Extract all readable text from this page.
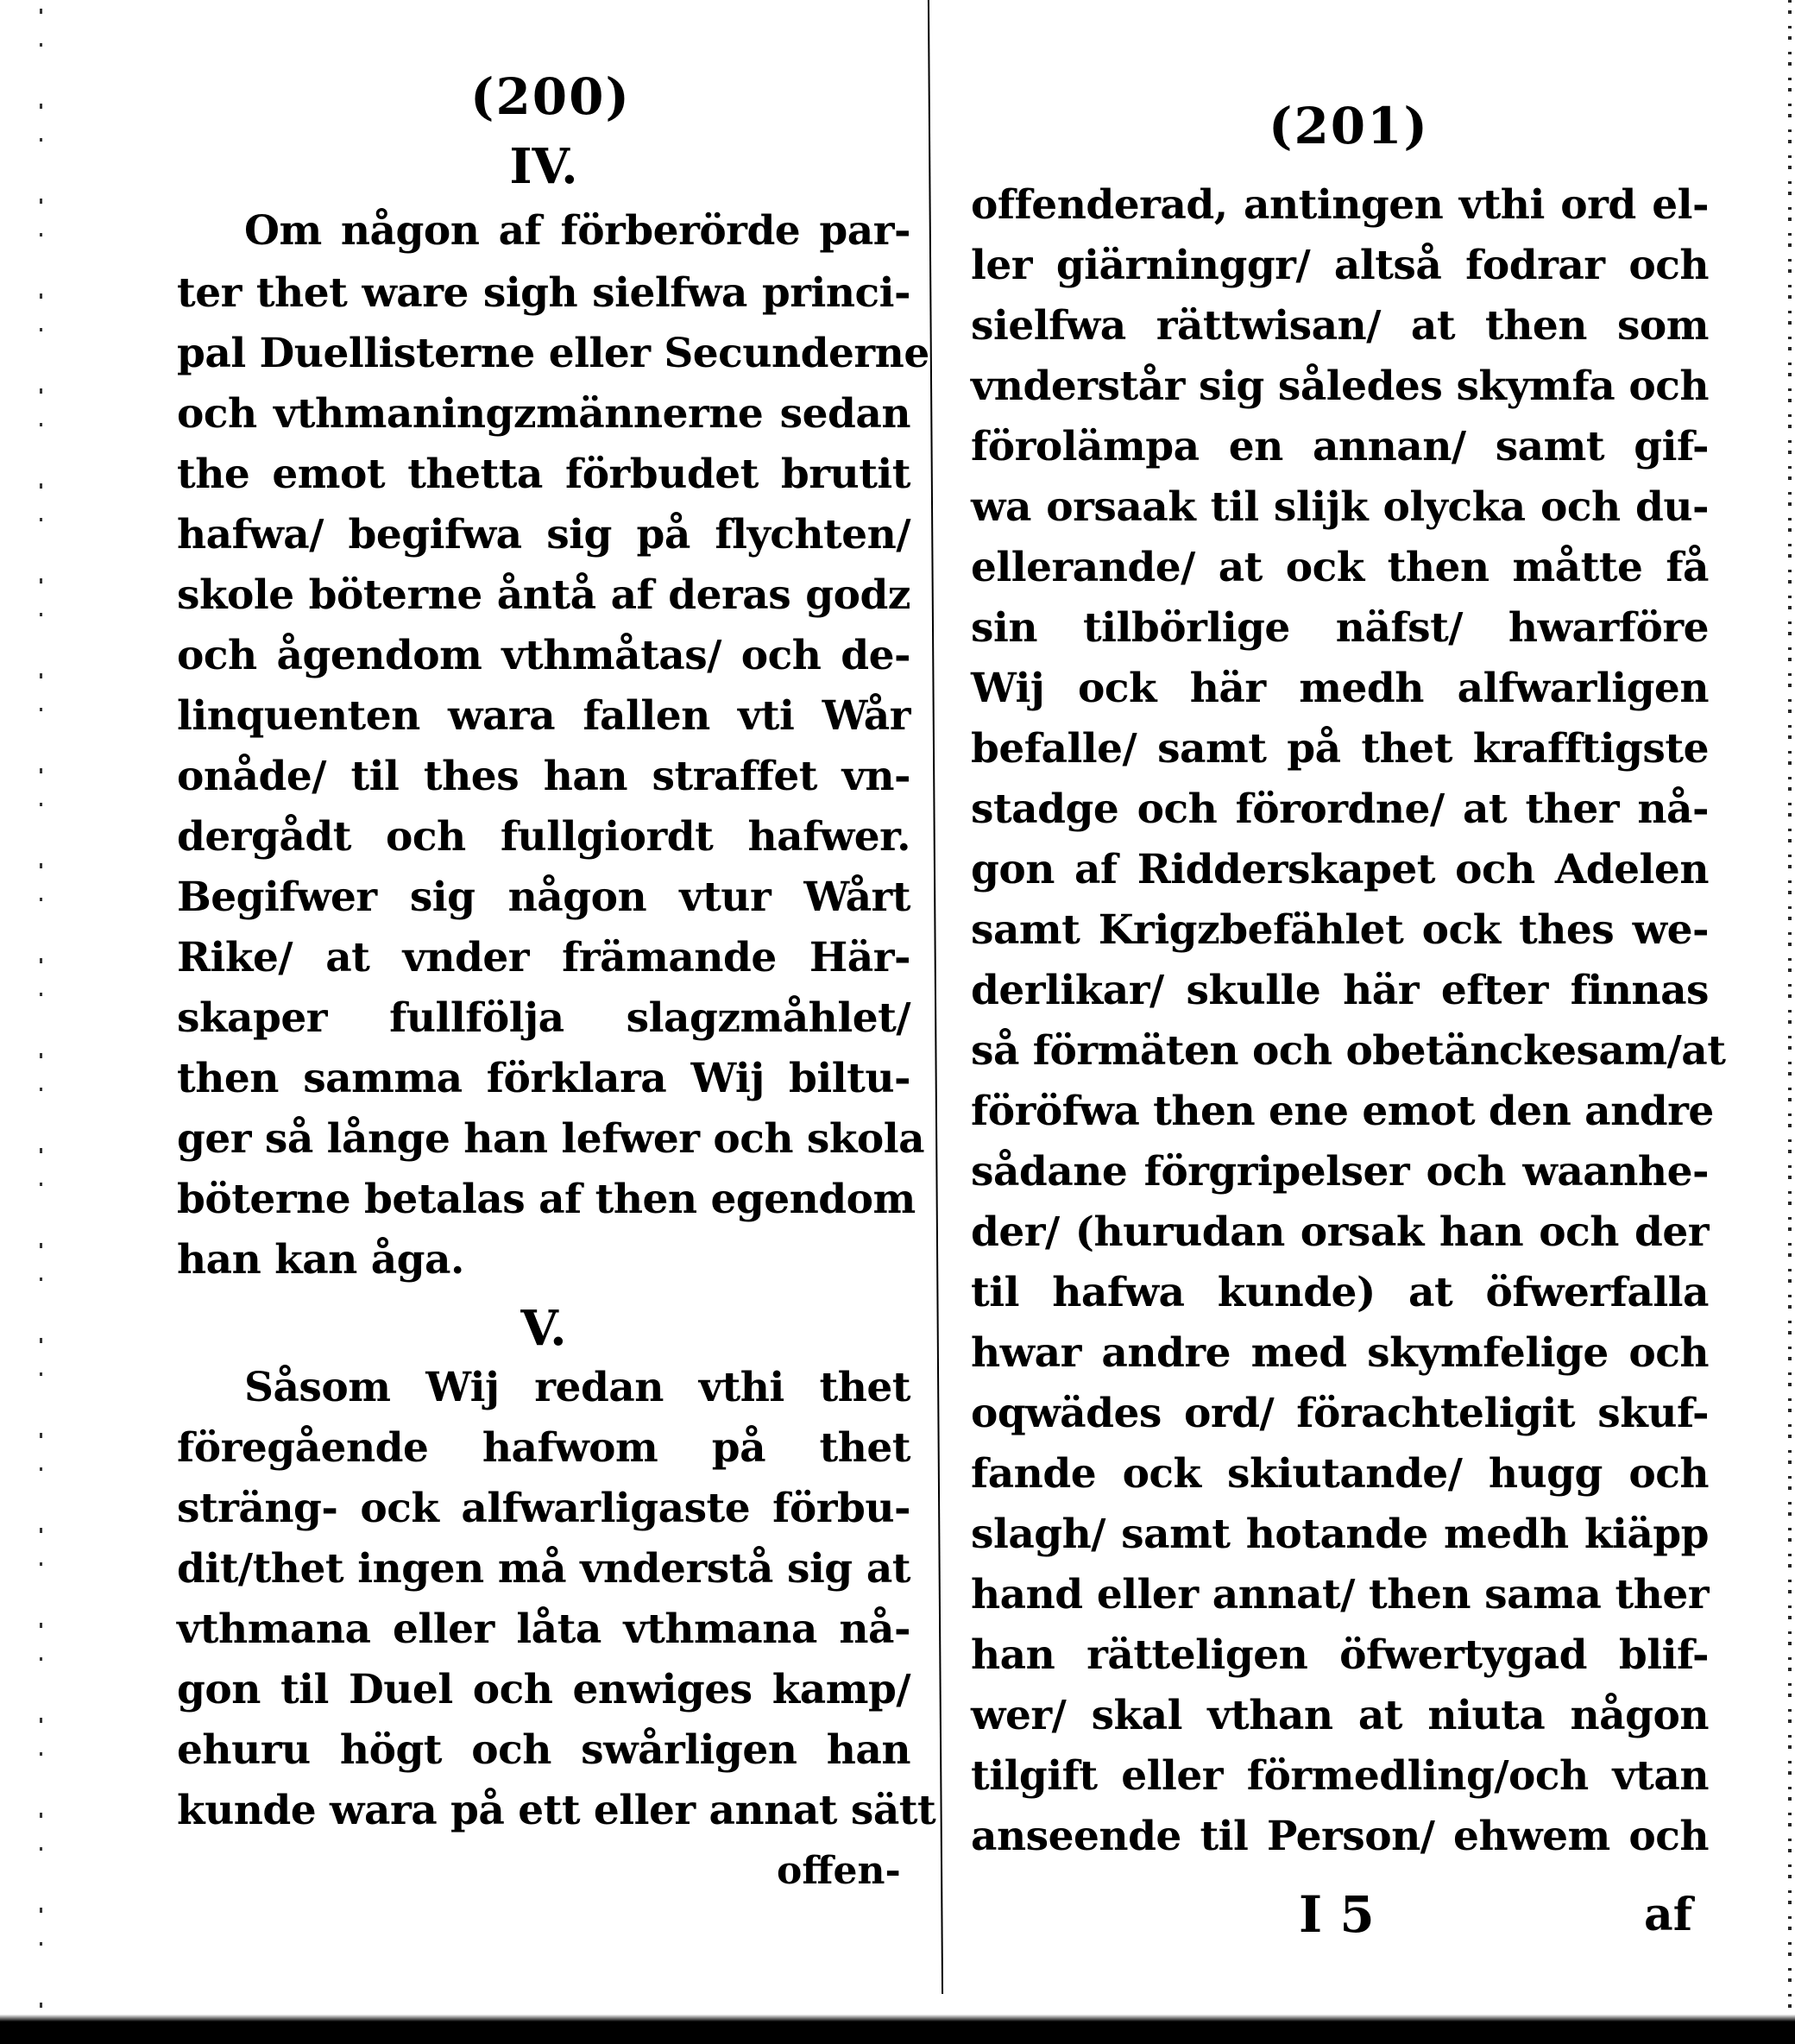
(200)
IV.
Om någon af förberörde par-
ter thet ware sigh sielfwa princi-
pal Duellisterne eller Secunderne
och vthmaningzmännerne sedan
the emot thetta förbudet brutit
hafwa/ begifwa sig på flychten/
skole böterne åntå af deras godz
och ågendom vthmåtas/ och de-
linquenten wara fallen vti Wår
onåde/ til thes han straffet vn-
dergådt och fullgiordt hafwer.
Begifwer sig någon vtur Wårt
Rike/ at vnder främande Här-
skaper fullfölja slagzmåhlet/
then samma förklara Wij biltu-
ger så långe han lefwer och skola
böterne betalas af then egendom
han kan åga.
V.
Såsom Wij redan vthi thet
föregående hafwom på thet
sträng- ock alfwarligaste förbu-
dit/thet ingen må vnderstå sig at
vthmana eller låta vthmana nå-
gon til Duel och enwiges kamp/
ehuru högt och swårligen han
kunde wara på ett eller annat sätt
offen-
(201)
offenderad, antingen vthi ord el-
ler giärninggr/ altså fodrar och
sielfwa rättwisan/ at then som
vnderstår sig således skymfa och
förolämpa en annan/ samt gif-
wa orsaak til slijk olycka och du-
ellerande/ at ock then måtte få
sin tilbörlige näfst/ hwarföre
Wij ock här medh alfwarligen
befalle/ samt på thet krafftigste
stadge och förordne/ at ther nå-
gon af Ridderskapet och Adelen
samt Krigzbefählet ock thes we-
derlikar/ skulle här efter finnas
så förmäten och obetänckesam/at
föröfwa then ene emot den andre
sådane förgripelser och waanhe-
der/ (hurudan orsak han och der
til hafwa kunde) at öfwerfalla
hwar andre med skymfelige och
oqwädes ord/ förachteligit skuf-
fande ock skiutande/ hugg och
slagh/ samt hotande medh kiäpp
hand eller annat/ then sama ther
han rätteligen öfwertygad blif-
wer/ skal vthan at niuta någon
tilgift eller förmedling/och vtan
anseende til Person/ ehwem och
I 5	af
